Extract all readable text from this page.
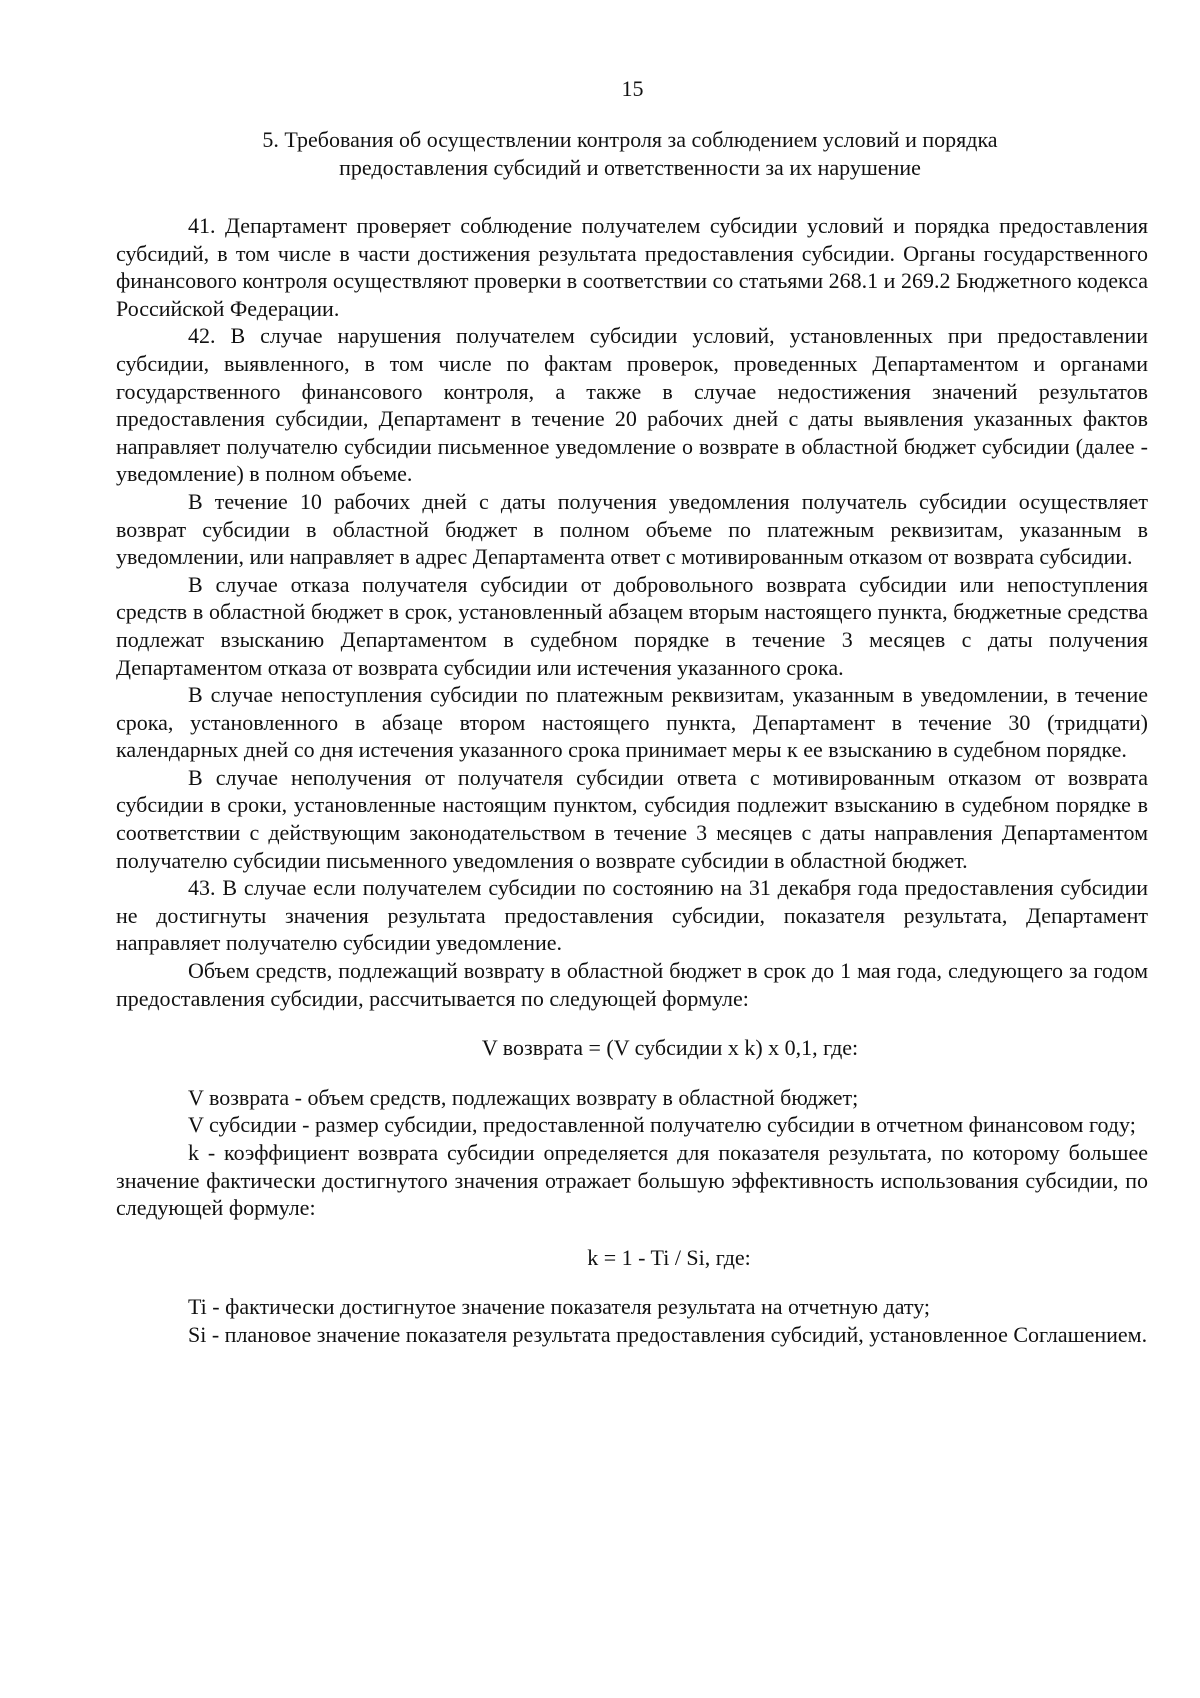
15
5. Требования об осуществлении контроля за соблюдением условий и порядка
предоставления субсидий и ответственности за их нарушение

41. Департамент проверяет соблюдение получателем субсидии условий и порядка предоставления субсидий, в том числе в части достижения результата предоставления субсидии. Органы государственного финансового контроля осуществляют проверки в соответствии со статьями 268.1 и 269.2 Бюджетного кодекса Российской Федерации.

42. В случае нарушения получателем субсидии условий, установленных при предоставлении субсидии, выявленного, в том числе по фактам проверок, проведенных Департаментом и органами государственного финансового контроля, а также в случае недостижения значений результатов предоставления субсидии, Департамент в течение 20 рабочих дней с даты выявления указанных фактов направляет получателю субсидии письменное уведомление о возврате в областной бюджет субсидии (далее - уведомление) в полном объеме.

В течение 10 рабочих дней с даты получения уведомления получатель субсидии осуществляет возврат субсидии в областной бюджет в полном объеме по платежным реквизитам, указанным в уведомлении, или направляет в адрес Департамента ответ с мотивированным отказом от возврата субсидии.

В случае отказа получателя субсидии от добровольного возврата субсидии или непоступления средств в областной бюджет в срок, установленный абзацем вторым настоящего пункта, бюджетные средства подлежат взысканию Департаментом в судебном порядке в течение 3 месяцев с даты получения Департаментом отказа от возврата субсидии или истечения указанного срока.

В случае непоступления субсидии по платежным реквизитам, указанным в уведомлении, в течение срока, установленного в абзаце втором настоящего пункта, Департамент в течение 30 (тридцати) календарных дней со дня истечения указанного срока принимает меры к ее взысканию в судебном порядке.

В случае неполучения от получателя субсидии ответа с мотивированным отказом от возврата субсидии в сроки, установленные настоящим пунктом, субсидия подлежит взысканию в судебном порядке в соответствии с действующим законодательством в течение 3 месяцев с даты направления Департаментом получателю субсидии письменного уведомления о возврате субсидии в областной бюджет.

43. В случае если получателем субсидии по состоянию на 31 декабря года предоставления субсидии не достигнуты значения результата предоставления субсидии, показателя результата, Департамент направляет получателю субсидии уведомление.

Объем средств, подлежащий возврату в областной бюджет в срок до 1 мая года, следующего за годом предоставления субсидии, рассчитывается по следующей формуле:

V возврата = (V субсидии x k) x 0,1, где:

V возврата - объем средств, подлежащих возврату в областной бюджет;

V субсидии - размер субсидии, предоставленной получателю субсидии в отчетном финансовом году;

k - коэффициент возврата субсидии определяется для показателя результата, по которому большее значение фактически достигнутого значения отражает большую эффективность использования субсидии, по следующей формуле:

k = 1 - Ti / Si, где:

Ti - фактически достигнутое значение показателя результата на отчетную дату;

Si - плановое значение показателя результата предоставления субсидий, установленное Соглашением.
